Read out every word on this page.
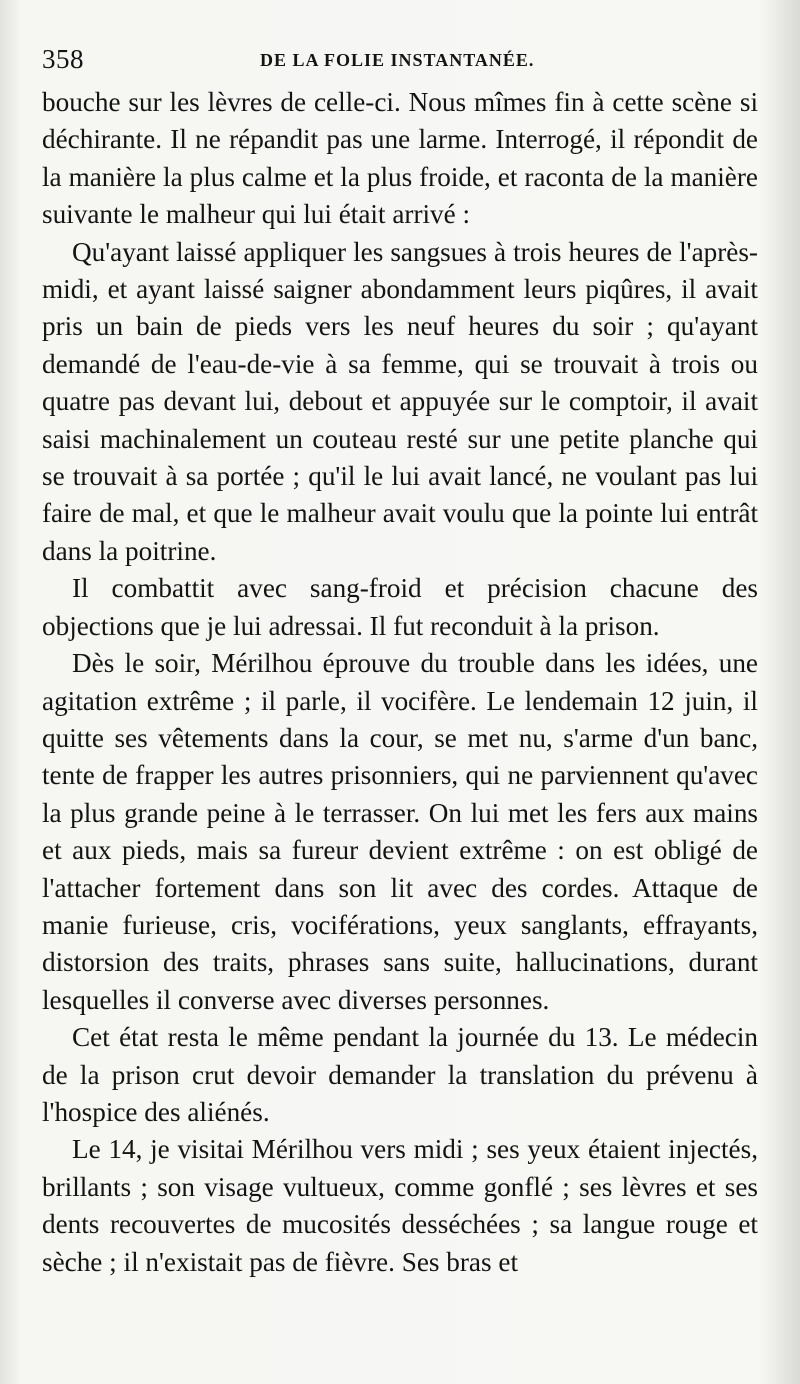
358	DE LA FOLIE INSTANTANÉE.

bouche sur les lèvres de celle-ci. Nous mîmes fin à cette scène si déchirante. Il ne répandit pas une larme. Interrogé, il répondit de la manière la plus calme et la plus froide, et raconta de la manière suivante le malheur qui lui était arrivé :

Qu'ayant laissé appliquer les sangsues à trois heures de l'après-midi, et ayant laissé saigner abondamment leurs piqûres, il avait pris un bain de pieds vers les neuf heures du soir ; qu'ayant demandé de l'eau-de-vie à sa femme, qui se trouvait à trois ou quatre pas devant lui, debout et appuyée sur le comptoir, il avait saisi machinalement un couteau resté sur une petite planche qui se trouvait à sa portée ; qu'il le lui avait lancé, ne voulant pas lui faire de mal, et que le malheur avait voulu que la pointe lui entrât dans la poitrine.

Il combattit avec sang-froid et précision chacune des objections que je lui adressai. Il fut reconduit à la prison.

Dès le soir, Mérilhou éprouve du trouble dans les idées, une agitation extrême ; il parle, il vocifère. Le lendemain 12 juin, il quitte ses vêtements dans la cour, se met nu, s'arme d'un banc, tente de frapper les autres prisonniers, qui ne parviennent qu'avec la plus grande peine à le terrasser. On lui met les fers aux mains et aux pieds, mais sa fureur devient extrême : on est obligé de l'attacher fortement dans son lit avec des cordes. Attaque de manie furieuse, cris, vociférations, yeux sanglants, effrayants, distorsion des traits, phrases sans suite, hallucinations, durant lesquelles il converse avec diverses personnes.

Cet état resta le même pendant la journée du 13. Le médecin de la prison crut devoir demander la translation du prévenu à l'hospice des aliénés.

Le 14, je visitai Mérilhou vers midi ; ses yeux étaient injectés, brillants ; son visage vultueux, comme gonflé ; ses lèvres et ses dents recouvertes de mucosités desséchées ; sa langue rouge et sèche ; il n'existait pas de fièvre. Ses bras et
